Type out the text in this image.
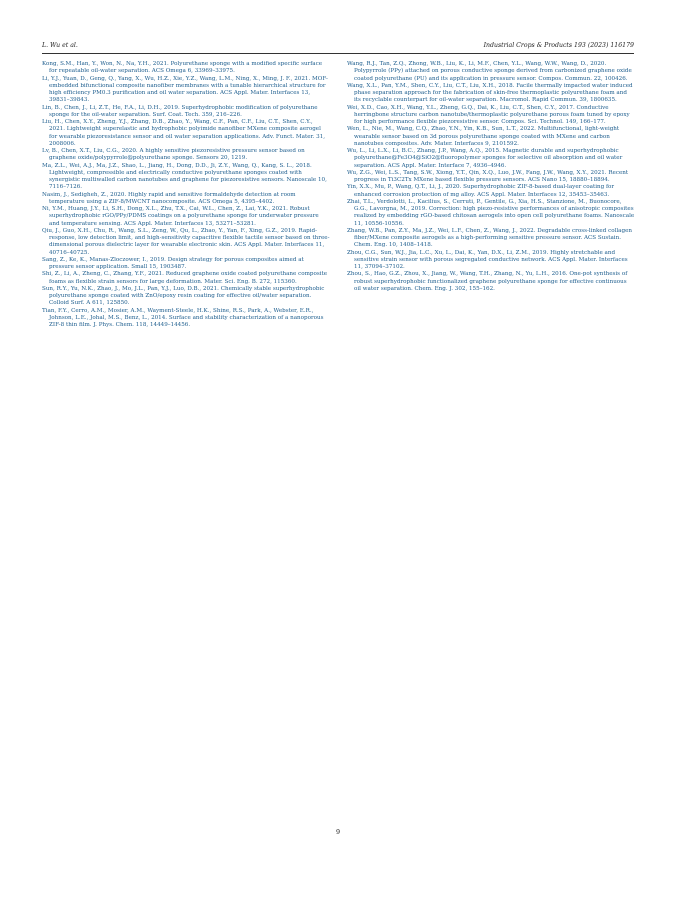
L. Wu et al.	Industrial Crops & Products 193 (2023) 116179

Kong, S.M., Han, Y., Won, N., Na, Y.H., 2021. Polyurethane sponge with a modified specific surface for repeatable oil-water separation. ACS Omega 6, 33969–33975.

Li, Y.J., Yuan, D., Geng, Q., Yang, X., Wu, H.Z., Xie, Y.Z., Wang, L.M., Ning, X., Ming, J. F., 2021. MOF-embedded bifunctional composite nanofiber membranes with a tunable hierarchical structure for high efficiency PM0.3 purification and oil water separation. ACS Appl. Mater. Interfaces 13, 39831–39843.

Lin, B., Chen, J., Li, Z.T., He, F.A., Li, D.H., 2019. Superhydrophobic modification of polyurethane sponge for the oil-water separation. Surf. Coat. Tech. 359, 216–226.

Liu, H., Chen, X.Y., Zheng, Y.J., Zhang, D.B., Zhao, Y., Wang, C.F., Pan, C.F., Liu, C.T., Shen, C.Y., 2021. Lightweight superelastic and hydrophobic polyimide nanofiber MXene composite aerogel for wearable piezoresistance sensor and oil water separation applications. Adv. Funct. Mater. 31, 2008006.

Lv, B., Chen, X.T., Liu, C.G., 2020. A highly sensitive piezoresistive pressure sensor based on graphene oxide/polypyrrole@polyurethane sponge. Sensors 20, 1219.

Ma, Z.L., Wei, A.J., Ma, J.Z., Shao, L., Jiang, H., Dong, D.D., Ji, Z.Y., Wang, Q., Kang, S. L., 2018. Lightweight, compressible and electrically conductive polyurethane sponges coated with synergistic multiwalled carbon nanotubes and graphene for piezoresistive sensors. Nanoscale 10, 7116–7126.

Nasim, J., Sedigheh, Z., 2020. Highly rapid and sensitive formaldehyde detection at room temperature using a ZIF-8/MWCNT nanocomposite. ACS Omega 5, 4395–4402.

Ni, Y.M., Huang, J.Y., Li, S.H., Dong, X.L., Zhu, T.X., Cai, W.L., Chen, Z., Lai, Y.K., 2021. Robust superhydrophobic rGO/PPy/PDMS coatings on a polyurethane sponge for underwater pressure and temperature sensing. ACS Appl. Mater. Interfaces 13, 53271–53281.

Qiu, J., Guo, X.H., Chu, R., Wang, S.L., Zeng, W., Qu, L., Zhao, Y., Yan, F., Xing, G.Z., 2019. Rapid-response, low detection limit, and high-sensitivity capacitive flexible tactile sensor based on three-dimensional porous dielectric layer for wearable electronic skin. ACS Appl. Mater. Interfaces 11, 40716–40725.

Sang, Z., Ke, K., Manas-Zloczower, I., 2019. Design strategy for porous composites aimed at pressure sensor application. Small 15, 1903487.

Shi, Z., Li, A., Zheng, C., Zhang, Y.F., 2021. Reduced graphene oxide coated polyurethane composite foams as flexible strain sensors for large deformation. Mater. Sci. Eng. B. 272, 115360.

Sun, R.Y., Yu, N.K., Zhao, J., Mo, J.L., Pan, Y.J., Luo, D.B., 2021. Chemically stable superhydrophobic polyurethane sponge coated with ZnO/epoxy resin coating for effective oil/water separation. Colloid Surf. A 611, 125850.

Tian, F.Y., Cerro, A.M., Mosier, A.M., Wayment-Steele, H.K., Shine, R.S., Park, A., Webster, E.R., Johnson, L.E., Johal, M.S., Benz, L., 2014. Surface and stability characterization of a nanoporous ZIF-8 thin film. J. Phys. Chem. 118, 14449–14456.

Wang, R.J., Tan, Z.Q., Zhong, W.B., Liu, K., Li, M.F., Chen, Y.L., Wang, W.W., Wang, D., 2020. Polypyrrole (PPy) attached on porous conductive sponge derived from carbonized graphene oxide coated polyurethane (PU) and its application in pressure sensor. Compos. Commun. 22, 100426.

Wang, X.L., Pan, Y.M., Shen, C.Y., Liu, C.T., Liu, X.H., 2018. Facile thermally impacted water induced phase separation approach for the fabrication of skin-free thermoplastic polyurethane foam and its recyclable counterpart for oil-water separation. Macromol. Rapid Commun. 39, 1800635.

Wei, X.D., Cao, X.H., Wang, Y.L., Zheng, G.Q., Dai, K., Liu, C.T., Shen, C.Y., 2017. Conductive herringbone structure carbon nanotube/thermoplastic polyurethane porous foam tuned by epoxy for high performance flexible piezoresistive sensor. Compos. Sci. Technol. 149, 166–177.

Wen, L., Nie, M., Wang, C.Q., Zhao, Y.N., Yin, K.B., Sun, L.T., 2022. Multifunctional, light-weight wearable sensor based on 3d porous polyurethane sponge coated with MXene and carbon nanotubes composites. Adv. Mater. Interfaces 9, 2101592.

Wu, L., Li, L.X., Li, B.C., Zhang, J.P., Wang, A.Q., 2015. Magnetic durable and superhydrophobic polyurethane@Fe3O4@SiO2@fluoropolymer sponges for selective oil absorption and oil water separation. ACS Appl. Mater. Interface 7, 4936–4946.

Wu, Z.G., Wei, L.S., Tang, S.W., Xiong, Y.T., Qin, X.Q., Luo, J.W., Fang, J.W., Wang, X.Y., 2021. Recent progress in Ti3C2Tx MXene based flexible pressure sensors. ACS Nano 15, 18880–18894.

Yin, X.X., Mu, P., Wang, Q.T., Li, J., 2020. Superhydrophobic ZIF-8-based dual-layer coating for enhanced corrosion protection of mg alloy. ACS Appl. Mater. Interfaces 12, 35453–35463.

Zhai, T.L., Verdolotti, L., Kacilius, S., Cerruti, P., Gentile, G., Xia, H.S., Stanzione, M., Buonocore, G.G., Lavorgna, M., 2019. Correction: high piezo-resistive performances of anisotropic composites realized by embedding rGO-based chitosan aerogels into open cell polyurethane foams. Nanoscale 11, 10556-10556.

Zhang, W.B., Pan, Z.Y., Ma, J.Z., Wei, L.F., Chen, Z., Wang, J., 2022. Degradable cross-linked collagen fiber/MXene composite aerogels as a high-performing sensitive pressure sensor. ACS Sustain. Chem. Eng. 10, 1408–1418.

Zhou, C.G., Sun, W.J., Jia, L.C., Xu, L., Dai, K., Yan, D.X., Li, Z.M., 2019. Highly stretchable and sensitive strain sensor with porous segregated conductive network. ACS Appl. Mater. Interfaces 11, 37094–37102.

Zhou, S., Hao, G.Z., Zhou, X., Jiang, W., Wang, T.H., Zhang, N., Yu, L.H., 2016. One-pot synthesis of robust superhydrophobic functionalized graphene polyurethane sponge for effective continuous oil water separation. Chem. Eng. J. 302, 155–162.

9
